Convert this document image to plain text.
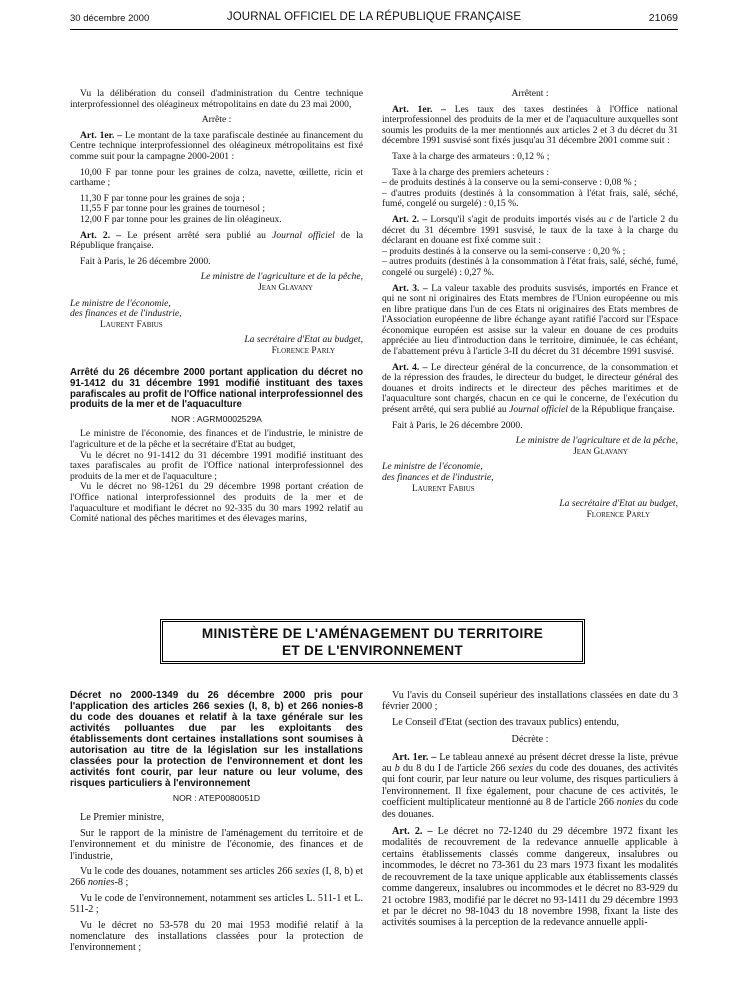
30 décembre 2000	JOURNAL OFFICIEL DE LA RÉPUBLIQUE FRANÇAISE	21069

Vu la délibération du conseil d'administration du Centre technique interprofessionnel des oléagineux métropolitains en date du 23 mai 2000,

Arrête :

Art. 1er. – Le montant de la taxe parafiscale destinée au financement du Centre technique interprofessionnel des oléagineux métropolitains est fixé comme suit pour la campagne 2000-2001 :

10,00 F par tonne pour les graines de colza, navette, œillette, ricin et carthame ;

11,30 F par tonne pour les graines de soja ;

11,55 F par tonne pour les graines de tournesol ;

12,00 F par tonne pour les graines de lin oléagineux.

Art. 2. – Le présent arrêté sera publié au Journal officiel de la République française.

Fait à Paris, le 26 décembre 2000.

Le ministre de l'agriculture et de la pêche,

Jean Glavany

Le ministre de l'économie,

des finances et de l'industrie,

Laurent Fabius

La secrétaire d'Etat au budget,

Florence Parly

Arrêté du 26 décembre 2000 portant application du décret no 91-1412 du 31 décembre 1991 modifié instituant des taxes parafiscales au profit de l'Office national interprofessionnel des produits de la mer et de l'aquaculture

NOR : AGRM0002529A

Le ministre de l'économie, des finances et de l'industrie, le ministre de l'agriculture et de la pêche et la secrétaire d'Etat au budget,

Vu le décret no 91-1412 du 31 décembre 1991 modifié instituant des taxes parafiscales au profit de l'Office national interprofessionnel des produits de la mer et de l'aquaculture ;

Vu le décret no 98-1261 du 29 décembre 1998 portant création de l'Office national interprofessionnel des produits de la mer et de l'aquaculture et modifiant le décret no 92-335 du 30 mars 1992 relatif au Comité national des pêches maritimes et des élevages marins,

Arrêtent :

Art. 1er. – Les taux des taxes destinées à l'Office national interprofessionnel des produits de la mer et de l'aquaculture auxquelles sont soumis les produits de la mer mentionnés aux articles 2 et 3 du décret du 31 décembre 1991 susvisé sont fixés jusqu'au 31 décembre 2001 comme suit :

Taxe à la charge des armateurs : 0,12 % ;

Taxe à la charge des premiers acheteurs :

– de produits destinés à la conserve ou la semi-conserve : 0,08 % ;

– d'autres produits (destinés à la consommation à l'état frais, salé, séché, fumé, congelé ou surgelé) : 0,15 %.

Art. 2. – Lorsqu'il s'agit de produits importés visés au c de l'article 2 du décret du 31 décembre 1991 susvisé, le taux de la taxe à la charge du déclarant en douane est fixé comme suit :

– produits destinés à la conserve ou la semi-conserve : 0,20 % ;

– autres produits (destinés à la consommation à l'état frais, salé, séché, fumé, congelé ou surgelé) : 0,27 %.

Art. 3. – La valeur taxable des produits susvisés, importés en France et qui ne sont ni originaires des Etats membres de l'Union européenne ou mis en libre pratique dans l'un de ces Etats ni originaires des Etats membres de l'Association européenne de libre échange ayant ratifié l'accord sur l'Espace économique européen est assise sur la valeur en douane de ces produits appréciée au lieu d'introduction dans le territoire, diminuée, le cas échéant, de l'abattement prévu à l'article 3-II du décret du 31 décembre 1991 susvisé.

Art. 4. – Le directeur général de la concurrence, de la consommation et de la répression des fraudes, le directeur du budget, le directeur général des douanes et droits indirects et le directeur des pêches maritimes et de l'aquaculture sont chargés, chacun en ce qui le concerne, de l'exécution du présent arrêté, qui sera publié au Journal officiel de la République française.

Fait à Paris, le 26 décembre 2000.

Le ministre de l'agriculture et de la pêche,

Jean Glavany

Le ministre de l'économie,

des finances et de l'industrie,

Laurent Fabius

La secrétaire d'Etat au budget,

Florence Parly

MINISTÈRE DE L'AMÉNAGEMENT DU TERRITOIRE
ET DE L'ENVIRONNEMENT

Décret no 2000-1349 du 26 décembre 2000 pris pour l'application des articles 266 sexies (I, 8, b) et 266 nonies-8 du code des douanes et relatif à la taxe générale sur les activités polluantes due par les exploitants des établissements dont certaines installations sont soumises à autorisation au titre de la législation sur les installations classées pour la protection de l'environnement et dont les activités font courir, par leur nature ou leur volume, des risques particuliers à l'environnement

NOR : ATEP0080051D

Le Premier ministre,

Sur le rapport de la ministre de l'aménagement du territoire et de l'environnement et du ministre de l'économie, des finances et de l'industrie,

Vu le code des douanes, notamment ses articles 266 sexies (I, 8, b) et 266 nonies-8 ;

Vu le code de l'environnement, notamment ses articles L. 511-1 et L. 511-2 ;

Vu le décret no 53-578 du 20 mai 1953 modifié relatif à la nomenclature des installations classées pour la protection de l'environnement ;

Vu l'avis du Conseil supérieur des installations classées en date du 3 février 2000 ;

Le Conseil d'Etat (section des travaux publics) entendu,

Décrète :

Art. 1er. – Le tableau annexé au présent décret dresse la liste, prévue au b du 8 du I de l'article 266 sexies du code des douanes, des activités qui font courir, par leur nature ou leur volume, des risques particuliers à l'environnement. Il fixe également, pour chacune de ces activités, le coefficient multiplicateur mentionné au 8 de l'article 266 nonies du code des douanes.

Art. 2. – Le décret no 72-1240 du 29 décembre 1972 fixant les modalités de recouvrement de la redevance annuelle applicable à certains établissements classés comme dangereux, insalubres ou incommodes, le décret no 73-361 du 23 mars 1973 fixant les modalités de recouvrement de la taxe unique applicable aux établissements classés comme dangereux, insalubres ou incommodes et le décret no 83-929 du 21 octobre 1983, modifié par le décret no 93-1411 du 29 décembre 1993 et par le décret no 98-1043 du 18 novembre 1998, fixant la liste des activités soumises à la perception de la redevance annuelle appli-
